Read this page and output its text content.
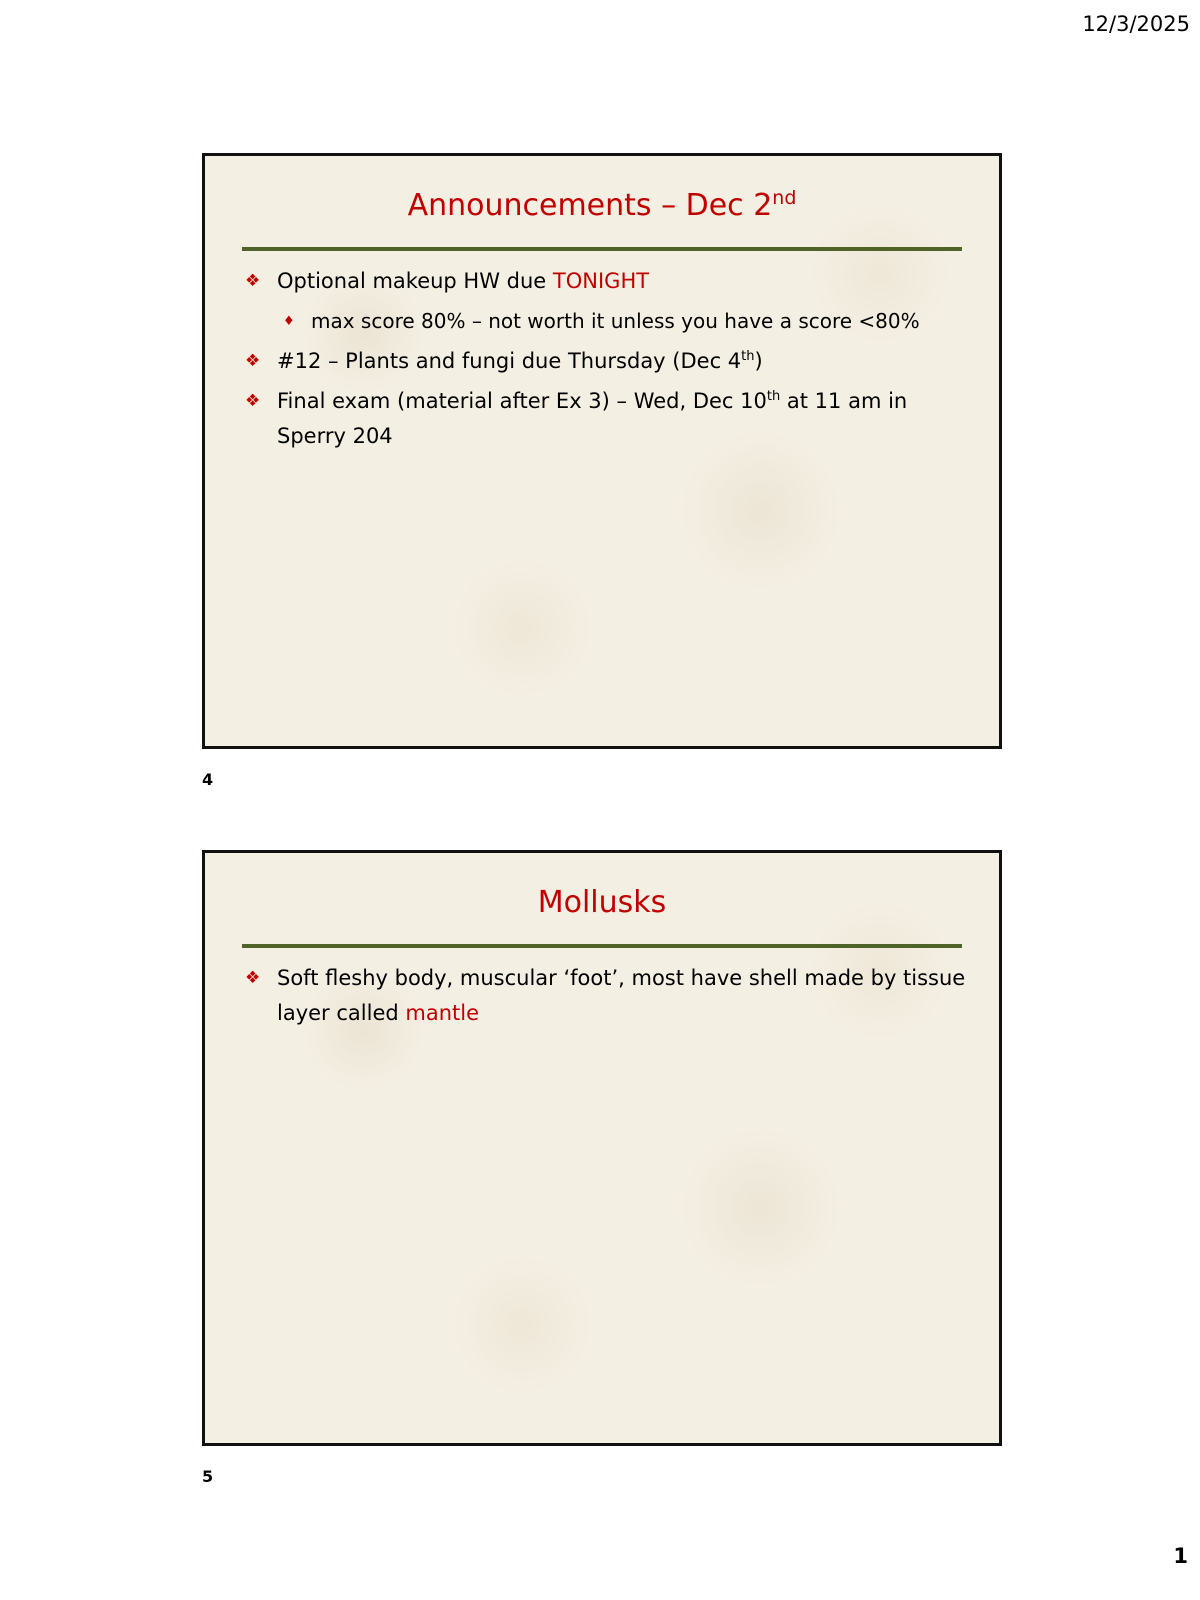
12/3/2025
Announcements – Dec 2nd
❖ Optional makeup HW due TONIGHT
♦ max score 80% – not worth it unless you have a score <80%
❖ #12 – Plants and fungi due Thursday (Dec 4th)
❖ Final exam (material after Ex 3) – Wed, Dec 10th at 11 am in Sperry 204
4
Mollusks
❖ Soft fleshy body, muscular ‘foot’, most have shell made by tissue layer called mantle
5
1
